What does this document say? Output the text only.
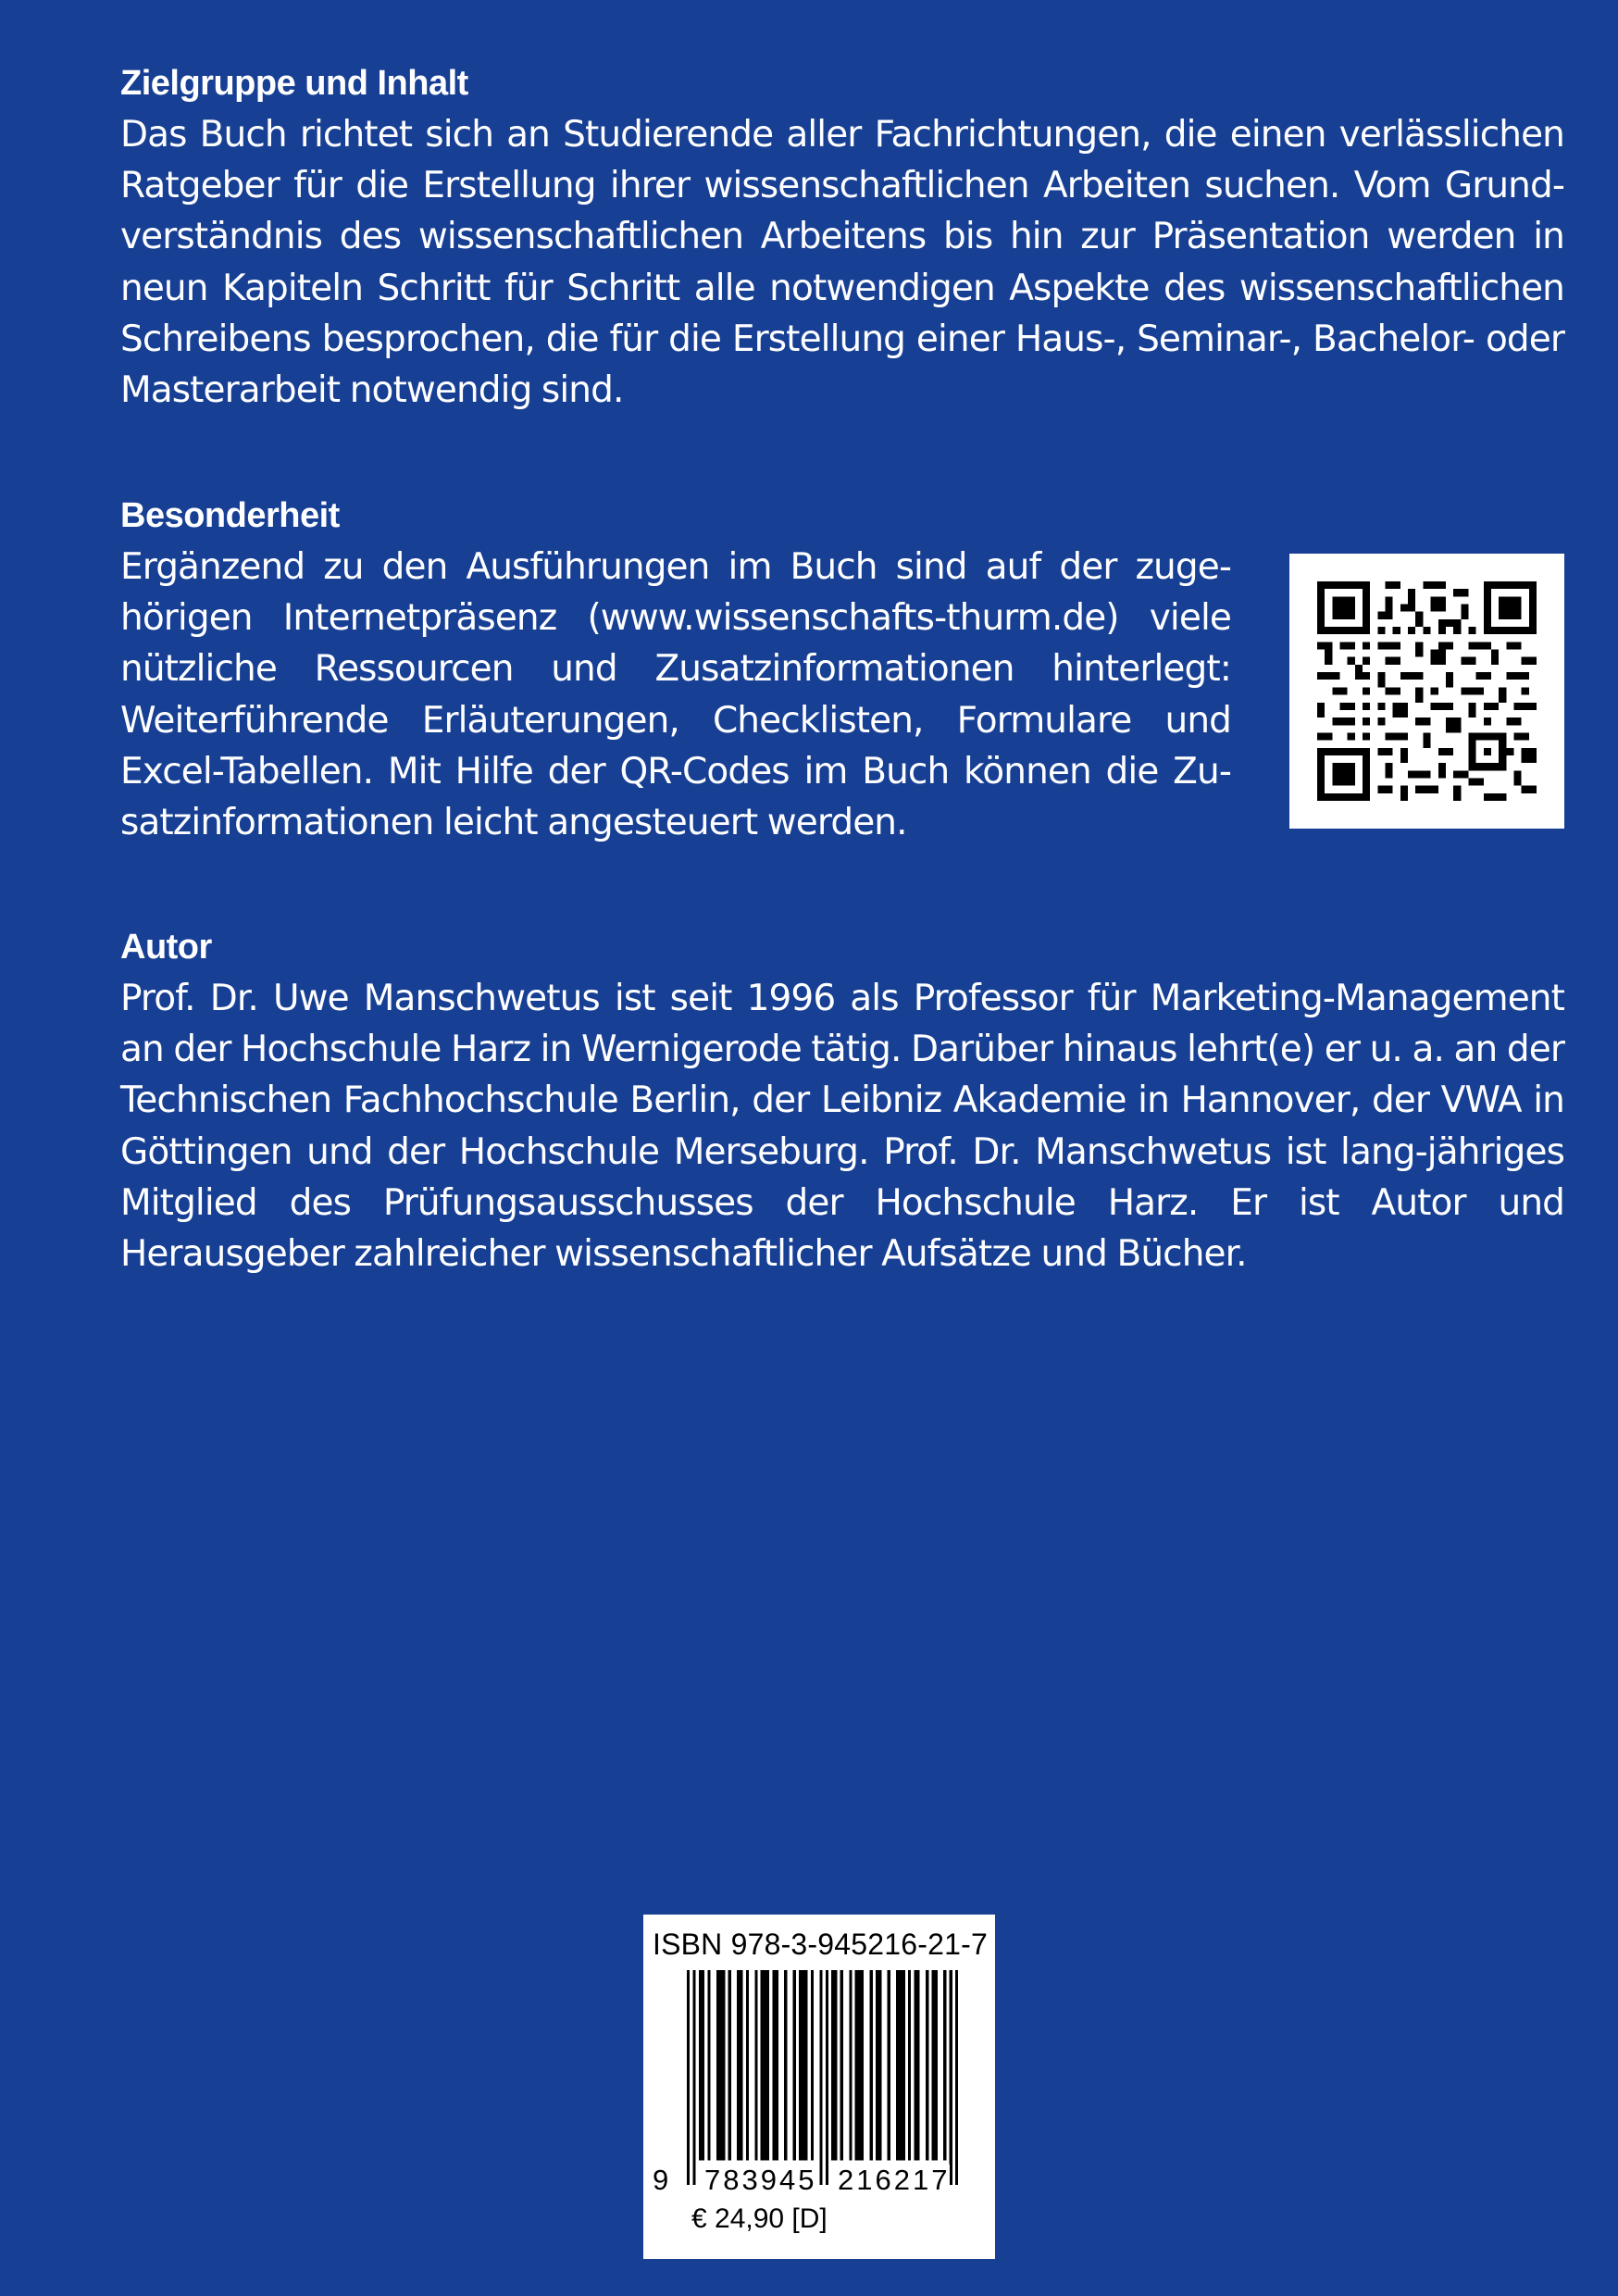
Zielgruppe und Inhalt

Das Buch richtet sich an Studierende aller Fachrichtungen, die einen verlässlichen Ratgeber für die Erstellung ihrer wissenschaftlichen Arbeiten suchen. Vom Grund-verständnis des wissenschaftlichen Arbeitens bis hin zur Präsentation werden in neun Kapiteln Schritt für Schritt alle notwendigen Aspekte des wissenschaftlichen Schreibens besprochen, die für die Erstellung einer Haus-, Seminar-, Bachelor- oder Masterarbeit notwendig sind.

Besonderheit

Ergänzend zu den Ausführungen im Buch sind auf der zuge-hörigen Internetpräsenz (www.wissenschafts-thurm.de) viele nützliche Ressourcen und Zusatzinformationen hinterlegt: Weiterführende Erläuterungen, Checklisten, Formulare und Excel-Tabellen. Mit Hilfe der QR-Codes im Buch können die Zu-satzinformationen leicht angesteuert werden.

Autor

Prof. Dr. Uwe Manschwetus ist seit 1996 als Professor für Marketing-Management an der Hochschule Harz in Wernigerode tätig. Darüber hinaus lehrt(e) er u. a. an der Technischen Fachhochschule Berlin, der Leibniz Akademie in Hannover, der VWA in Göttingen und der Hochschule Merseburg. Prof. Dr. Manschwetus ist lang-jähriges Mitglied des Prüfungsausschusses der Hochschule Harz. Er ist Autor und Herausgeber zahlreicher wissenschaftlicher Aufsätze und Bücher.

ISBN 978-3-945216-21-7
9 783945 216217
€ 24,90 [D]
